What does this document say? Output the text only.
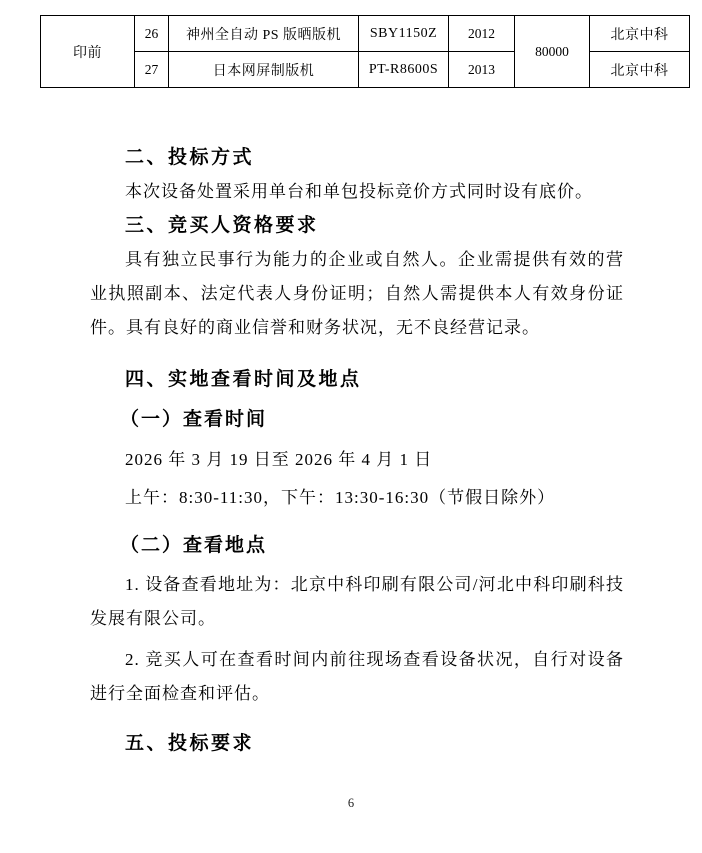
印前	26	神州全自动 PS 版晒版机	SBY1150Z	2012	80000	北京中科
	27	日本网屏制版机	PT-R8600S	2013		北京中科
二、投标方式
本次设备处置采用单台和单包投标竞价方式同时设有底价。
三、竞买人资格要求
具有独立民事行为能力的企业或自然人。企业需提供有效的营业执照副本、法定代表人身份证明；自然人需提供本人有效身份证件。具有良好的商业信誉和财务状况，无不良经营记录。
四、实地查看时间及地点
（一）查看时间
2026 年 3 月 19 日至 2026 年 4 月 1 日
上午：8:30-11:30，下午：13:30-16:30（节假日除外）
（二）查看地点
1. 设备查看地址为：北京中科印刷有限公司/河北中科印刷科技发展有限公司。
2. 竞买人可在查看时间内前往现场查看设备状况，自行对设备进行全面检查和评估。
五、投标要求
6
